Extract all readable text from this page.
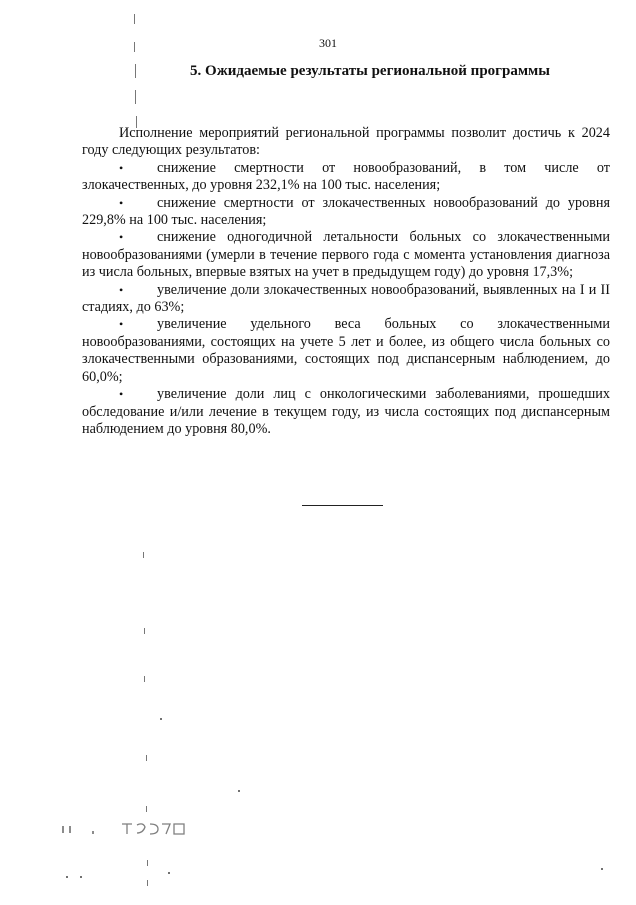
301
5. Ожидаемые результаты региональной программы

Исполнение мероприятий региональной программы позволит достичь к 2024 году следующих результатов:

• снижение смертности от новообразований, в том числе от злокачественных, до уровня 232,1% на 100 тыс. населения;

• снижение смертности от злокачественных новообразований до уровня 229,8% на 100 тыс. населения;

• снижение одногодичной летальности больных со злокачественными новообразованиями (умерли в течение первого года с момента установления диагноза из числа больных, впервые взятых на учет в предыдущем году) до уровня 17,3%;

• увеличение доли злокачественных новообразований, выявленных на I и II стадиях, до 63%;

• увеличение удельного веса больных со злокачественными новообразованиями, состоящих на учете 5 лет и более, из общего числа больных со злокачественными образованиями, состоящих под диспансерным наблюдением, до 60,0%;

• увеличение доли лиц с онкологическими заболеваниями, прошедших обследование и/или лечение в текущем году, из числа состоящих под диспансерным наблюдением до уровня 80,0%.
